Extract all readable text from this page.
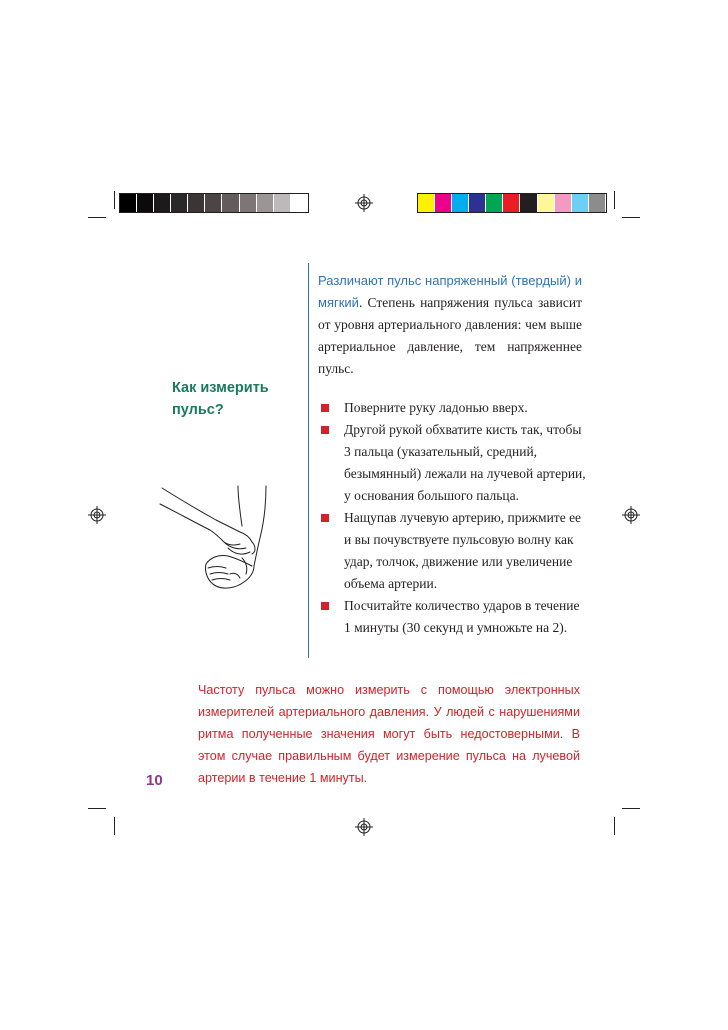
Различают пульс напряженный (твердый) и мягкий. Степень напряжения пульса зависит от уровня артериального давления: чем выше артериальное давление, тем напряженнее пульс.
Как измерить пульс?	Поверните руку ладонью вверх.
Другой рукой обхватите кисть так, чтобы 3 пальца (указательный, средний, безымянный) лежали на лучевой артерии, у основания большого пальца.
Нащупав лучевую артерию, прижмите ее и вы почувствуете пульсовую волну как удар, толчок, движение или увеличение объема артерии.
Посчитайте количество ударов в течение 1 минуты (30 секунд и умножьте на 2).
Частоту пульса можно измерить с помощью электронных измерителей артериального давления. У людей с нарушениями ритма полученные значения могут быть недостоверными. В этом случае правильным будет измерение пульса на лучевой артерии в течение 1 минуты.
10
